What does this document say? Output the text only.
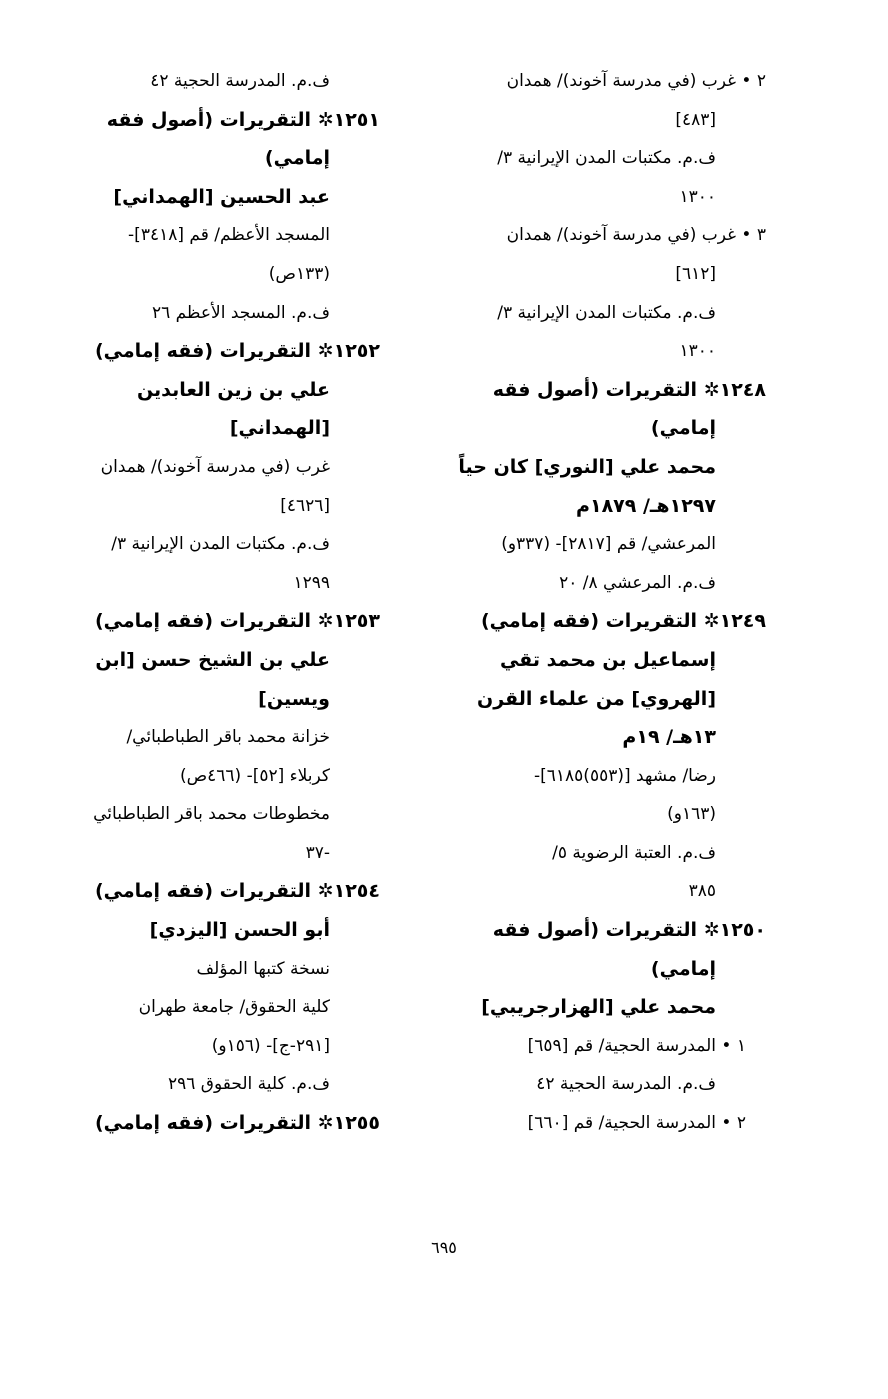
٢ • غرب (في مدرسة آخوند)/ همدان
[٤٨٣]
ف.م. مكتبات المدن الإيرانية ٣/
١٣٠٠
٣ • غرب (في مدرسة آخوند)/ همدان
[٦١٢]
ف.م. مكتبات المدن الإيرانية ٣/
١٣٠٠
١٢٤٨✲ التقريرات (أصول فقه
إمامي)
محمد علي [النوري] كان حياً
١٢٩٧هـ/ ١٨٧٩م
المرعشي/ قم [٢٨١٧]- (٣٣٧و)
ف.م. المرعشي ٨/ ٢٠
١٢٤٩✲ التقريرات (فقه إمامي)
إسماعيل بن محمد تقي
[الهروي] من علماء القرن
١٣هـ/ ١٩م
رضا/ مشهد [(٥٥٣)٦١٨٥]-
(١٦٣و)
ف.م. العتبة الرضوية ٥/
٣٨٥
١٢٥٠✲ التقريرات (أصول فقه
إمامي)
محمد علي [الهزارجريبي]
١ • المدرسة الحجية/ قم [٦٥٩]
ف.م. المدرسة الحجية ٤٢
٢ • المدرسة الحجية/ قم [٦٦٠]
ف.م. المدرسة الحجية ٤٢
١٢٥١✲ التقريرات (أصول فقه
إمامي)
عبد الحسين [الهمداني]
المسجد الأعظم/ قم [٣٤١٨]-
(١٣٣ص)
ف.م. المسجد الأعظم ٢٦
١٢٥٢✲ التقريرات (فقه إمامي)
علي بن زين العابدين
[الهمداني]
غرب (في مدرسة آخوند)/ همدان
[٤٦٢٦]
ف.م. مكتبات المدن الإيرانية ٣/
١٢٩٩
١٢٥٣✲ التقريرات (فقه إمامي)
علي بن الشيخ حسن [ابن
ويسين]
خزانة محمد باقر الطباطبائي/
كربلاء [٥٢]- (٤٦٦ص)
مخطوطات محمد باقر الطباطبائي
-٣٧
١٢٥٤✲ التقريرات (فقه إمامي)
أبو الحسن [اليزدي]
نسخة كتبها المؤلف
كلية الحقوق/ جامعة طهران
[٢٩١-ج]- (١٥٦و)
ف.م. كلية الحقوق ٢٩٦
١٢٥٥✲ التقريرات (فقه إمامي)
٦٩٥
